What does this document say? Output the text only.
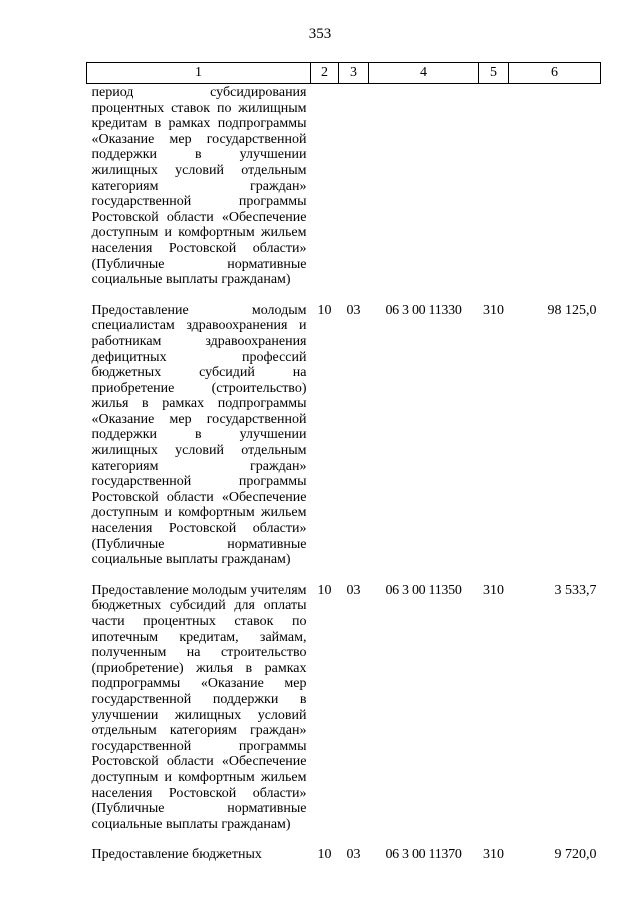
353
1	2	3	4	5	6
период субсидирования процентных ставок по жилищным кредитам в рамках подпрограммы «Оказание мер государственной поддержки в улучшении жилищных условий отдельным категориям граждан» государственной программы Ростовской области «Обеспечение доступным и комфортным жильем населения Ростовской области» (Публичные нормативные социальные выплаты гражданам)					
Предоставление молодым специалистам здравоохранения и работникам здравоохранения дефицитных профессий бюджетных субсидий на приобретение (строительство) жилья в рамках подпрограммы «Оказание мер государственной поддержки в улучшении жилищных условий отдельным категориям граждан» государственной программы Ростовской области «Обеспечение доступным и комфортным жильем населения Ростовской области» (Публичные нормативные социальные выплаты гражданам)	10	03	06 3 00 11330	310	98 125,0
Предоставление молодым учителям бюджетных субсидий для оплаты части процентных ставок по ипотечным кредитам, займам, полученным на строительство (приобретение) жилья в рамках подпрограммы «Оказание мер государственной поддержки в улучшении жилищных условий отдельным категориям граждан» государственной программы Ростовской области «Обеспечение доступным и комфортным жильем населения Ростовской области» (Публичные нормативные социальные выплаты гражданам)	10	03	06 3 00 11350	310	3 533,7
Предоставление бюджетных	10	03	06 3 00 11370	310	9 720,0
